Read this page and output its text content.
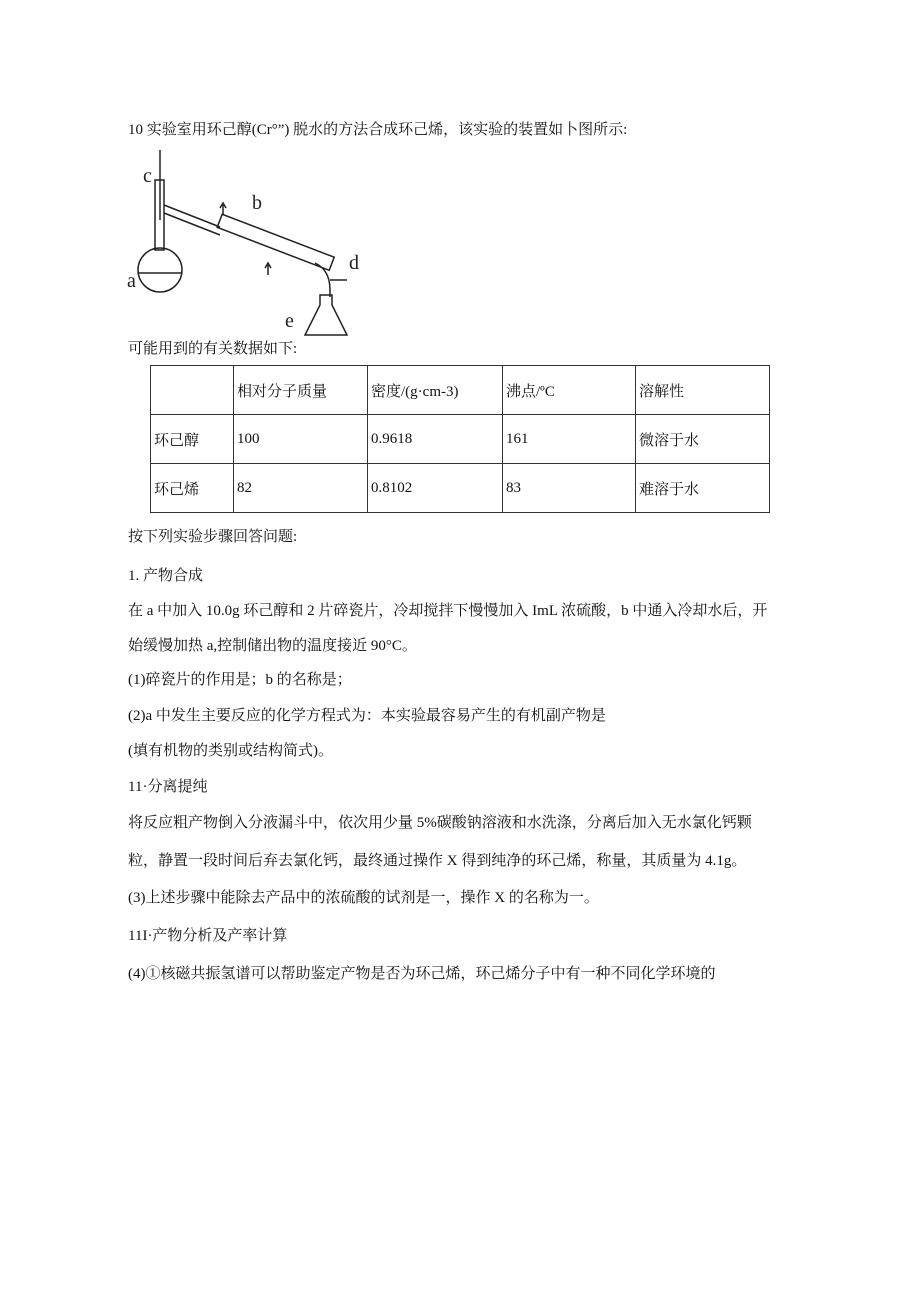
10 实验室用环己醇(Cr°”) 脱水的方法合成环己烯，该实验的装置如卜图所示:
c
a
b
d
e
可能用到的有关数据如下:
	相对分子质量	密度/(g·cm-3)	沸点/ºC	溶解性
环己醇	100	0.9618	161	微溶于水
环己烯	82	0.8102	83	难溶于水
按下列实验步骤回答问题:
1. 产物合成
在 a 中加入 10.0g 环己醇和 2 片碎瓷片，冷却搅拌下慢慢加入 ImL 浓硫酸，b 中通入冷却水后，开
始缓慢加热 a,控制储出物的温度接近 90°C。
(1)碎瓷片的作用是；b 的名称是；
(2)a 中发生主要反应的化学方程式为：本实验最容易产生的有机副产物是
(填有机物的类别或结构简式)。
11·分离提纯
将反应粗产物倒入分液漏斗中，依次用少量 5%碳酸钠溶液和水洗涤，分离后加入无水氯化钙颗
粒，静置一段时间后弃去氯化钙，最终通过操作 X 得到纯净的环己烯，称量，其质量为 4.1g。
(3)上述步骤中能除去产品中的浓硫酸的试剂是一，操作 X 的名称为一。
11I·产物分析及产率计算
(4)①核磁共振氢谱可以帮助鉴定产物是否为环己烯，环己烯分子中有一种不同化学环境的
